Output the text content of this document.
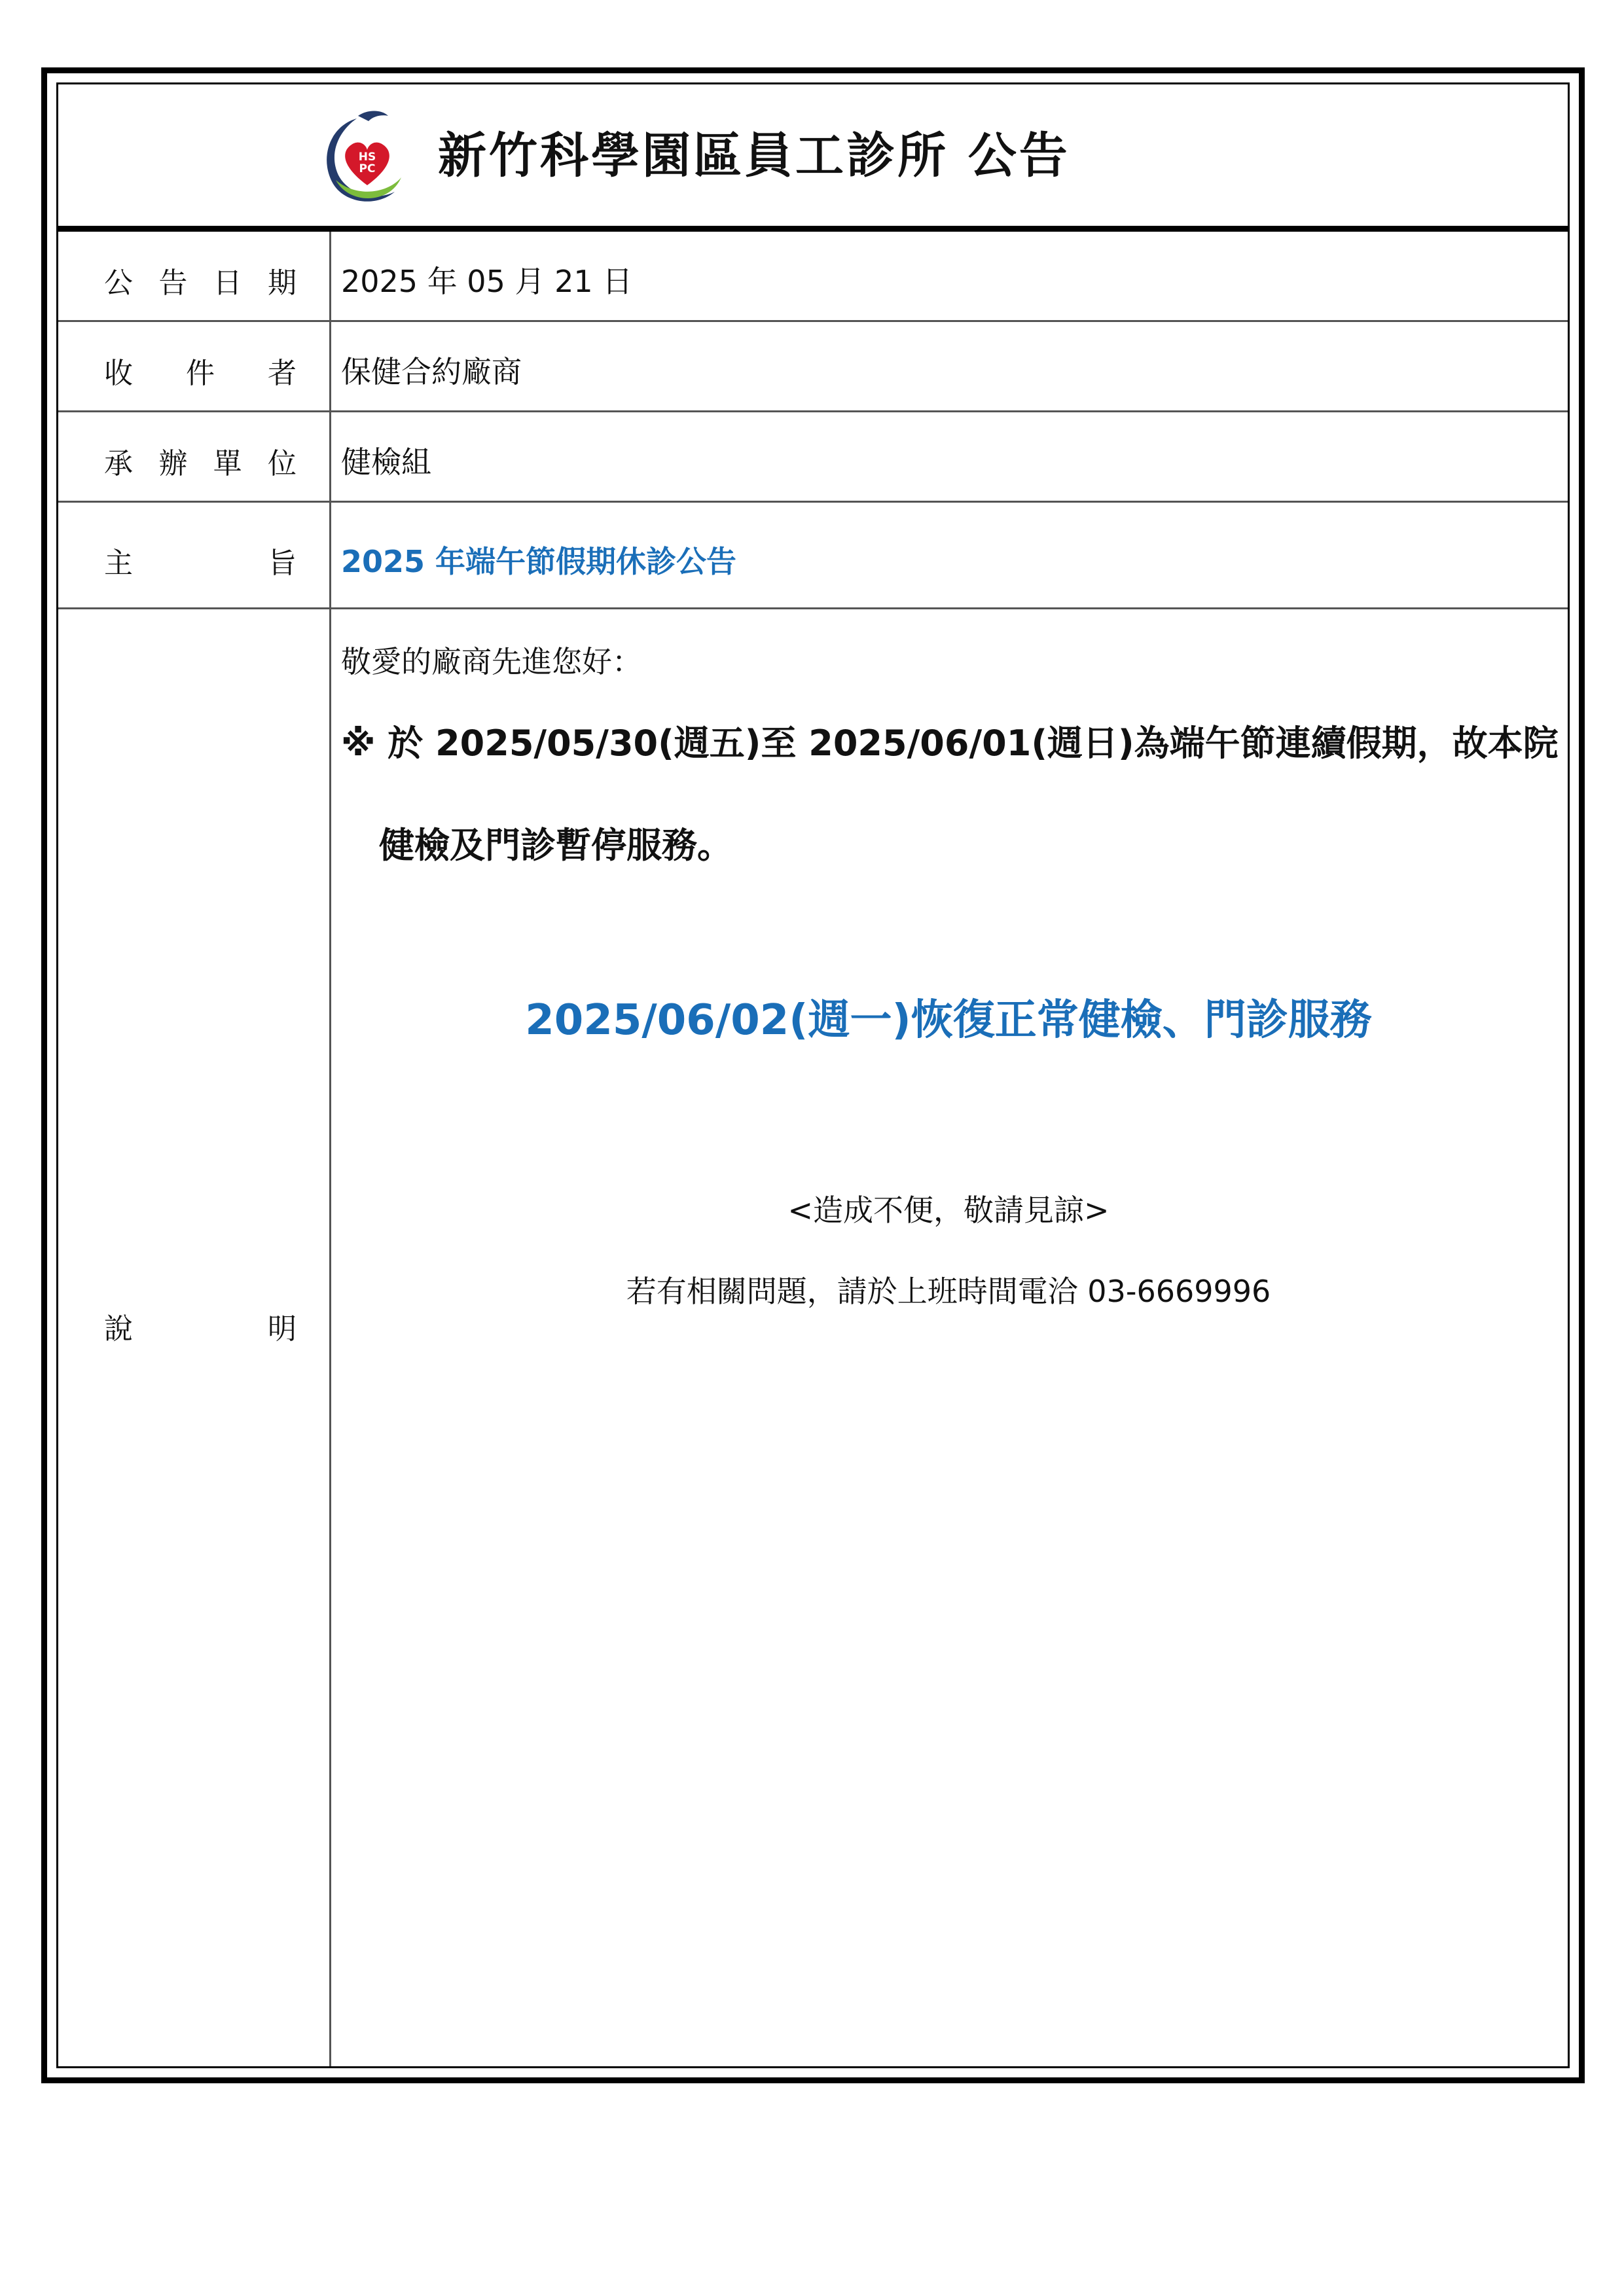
HS
PC 新竹科學園區員工診所 公告
公 告 日 期 2025 年 05 月 21 日
收 件 者 保健合約廠商
承 辦 單 位 健檢組
主	旨 2025 年端午節假期休診公告
說	明
敬愛的廠商先進您好：
※ 於 2025/05/30(週五)至 2025/06/01(週日)為端午節連續假期，故本院
健檢及門診暫停服務。
2025/06/02(週一)恢復正常健檢、門診服務
<造成不便，敬請見諒>
若有相關問題，請於上班時間電洽 03-6669996
